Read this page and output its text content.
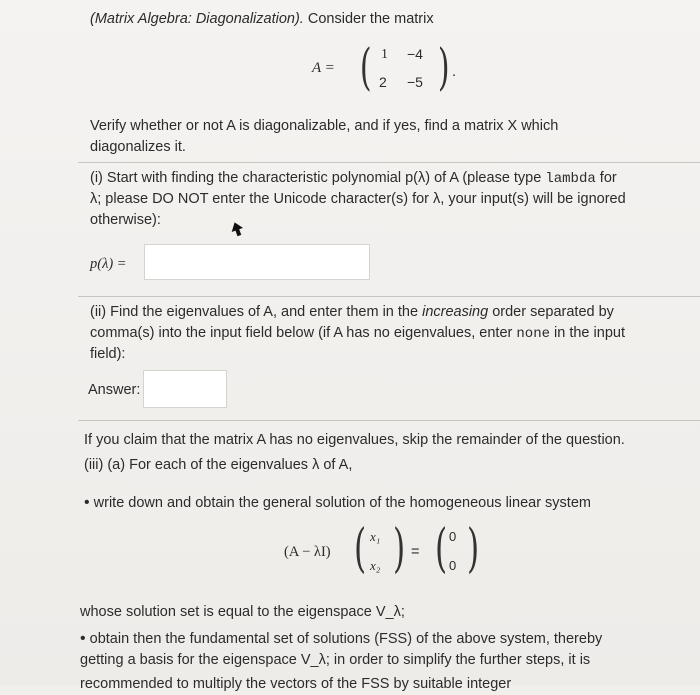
(Matrix Algebra: Diagonalization). Consider the matrix
A = ( 1 −4
2 −5 ) .
Verify whether or not A is diagonalizable, and if yes, find a matrix X which
diagonalizes it.
(i) Start with finding the characteristic polynomial p(λ) of A (please type lambda for
λ; please DO NOT enter the Unicode character(s) for λ, your input(s) will be ignored
otherwise):
p(λ) =
(ii) Find the eigenvalues of A, and enter them in the increasing order separated by
comma(s) into the input field below (if A has no eigenvalues, enter none in the input
field):
Answer:
If you claim that the matrix A has no eigenvalues, skip the remainder of the question.
(iii) (a) For each of the eigenvalues λ of A,
• write down and obtain the general solution of the homogeneous linear system
(A − λI) ( x₁
x₂ ) = ( 0
0 )
whose solution set is equal to the eigenspace V_λ;
• obtain then the fundamental set of solutions (FSS) of the above system, thereby
getting a basis for the eigenspace V_λ; in order to simplify the further steps, it is
recommended to multiply the vectors of the FSS by suitable integer
